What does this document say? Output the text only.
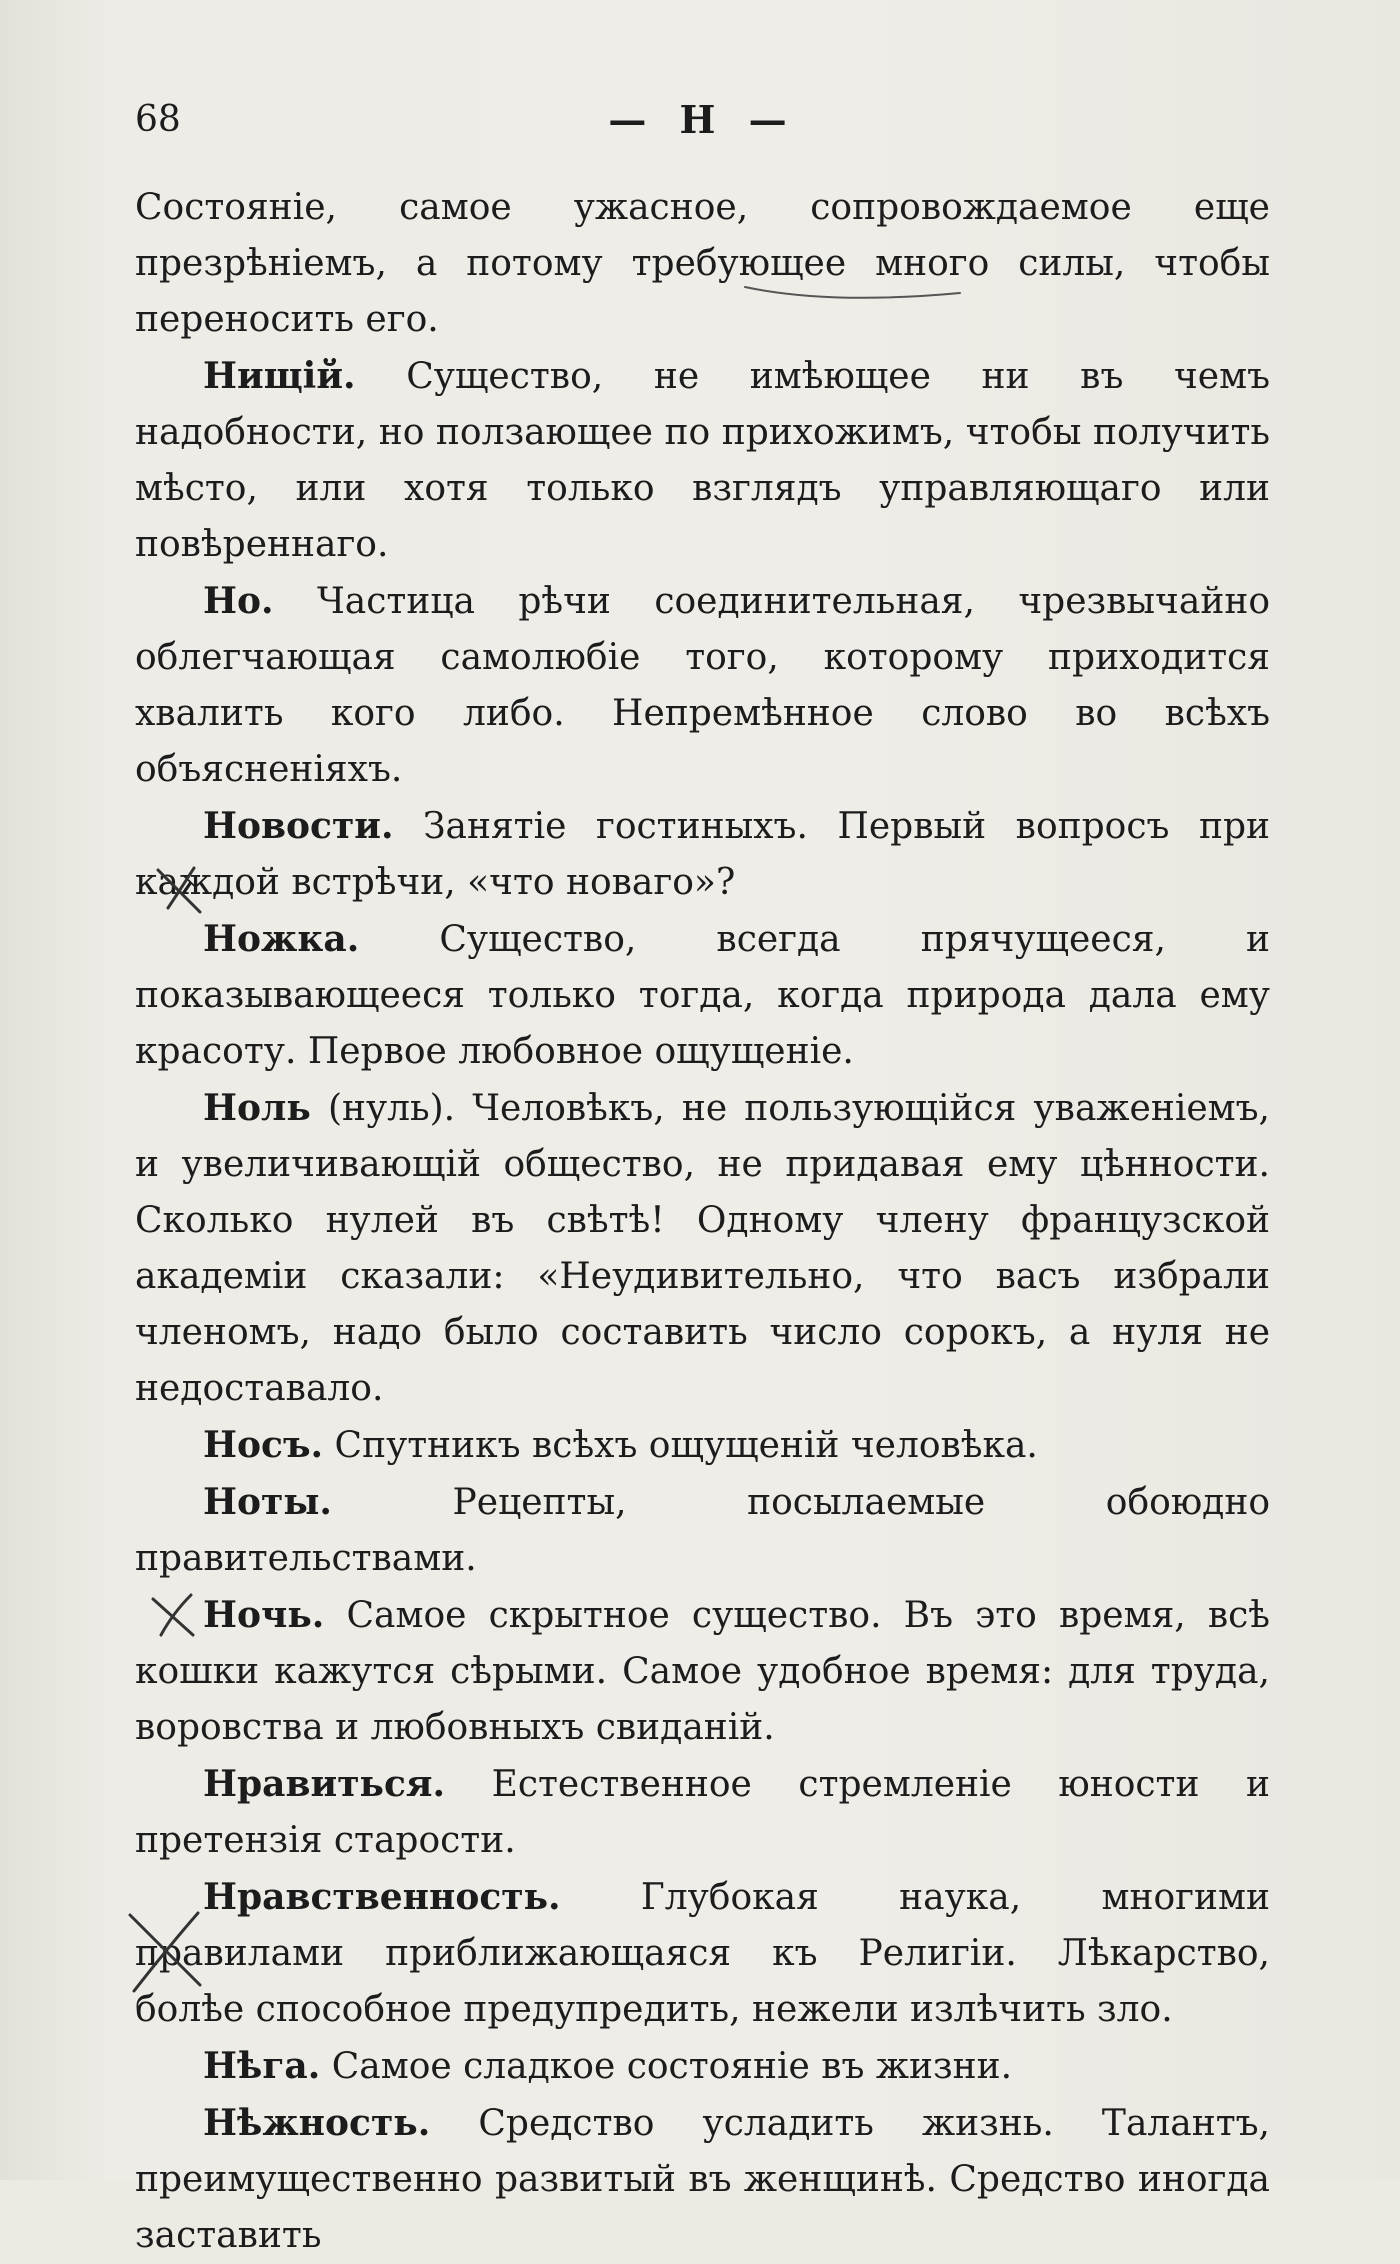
68	— Н —

Состоянiе, самое ужасное, сопровождаемое еще презрѣнiемъ, а потому требующее много силы, чтобы переносить его.

Нищiй. Существо, не имѣющее ни въ чемъ надобности, но ползающее по прихожимъ, чтобы получить мѣсто, или хотя только взглядъ управляющаго или повѣреннаго.

Но. Частица рѣчи соединительная, чрезвычайно облегчающая самолюбiе того, которому приходится хвалить кого либо. Непремѣнное слово во всѣхъ объясненiяхъ.

Новости. Занятiе гостиныхъ. Первый вопросъ при каждой встрѣчи, «что новаго»?

Ножка. Существо, всегда прячущееся, и показывающееся только тогда, когда природа дала ему красоту. Первое любовное ощущенiе.

Ноль (нуль). Человѣкъ, не пользующiйся уваженiемъ, и увеличивающiй общество, не придавая ему цѣнности. Сколько нулей въ свѣтѣ! Одному члену французской академiи сказали: «Неудивительно, что васъ избрали членомъ, надо было составить число сорокъ, а нуля не недоставало.

Носъ. Спутникъ всѣхъ ощущенiй человѣка.

Ноты. Рецепты, посылаемые обоюдно правительствами.

Ночь. Самое скрытное существо. Въ это время, всѣ кошки кажутся сѣрыми. Самое удобное время: для труда, воровства и любовныхъ свиданiй.

Нравиться. Естественное стремленiе юности и претензiя старости.

Нравственность. Глубокая наука, многими правилами приближающаяся къ Религiи. Лѣкарство, болѣе способное предупредить, нежели излѣчить зло.

Нѣга. Самое сладкое состоянiе въ жизни.

Нѣжность. Средство усладить жизнь. Талантъ, преимущественно развитый въ женщинѣ. Средство иногда заставить
